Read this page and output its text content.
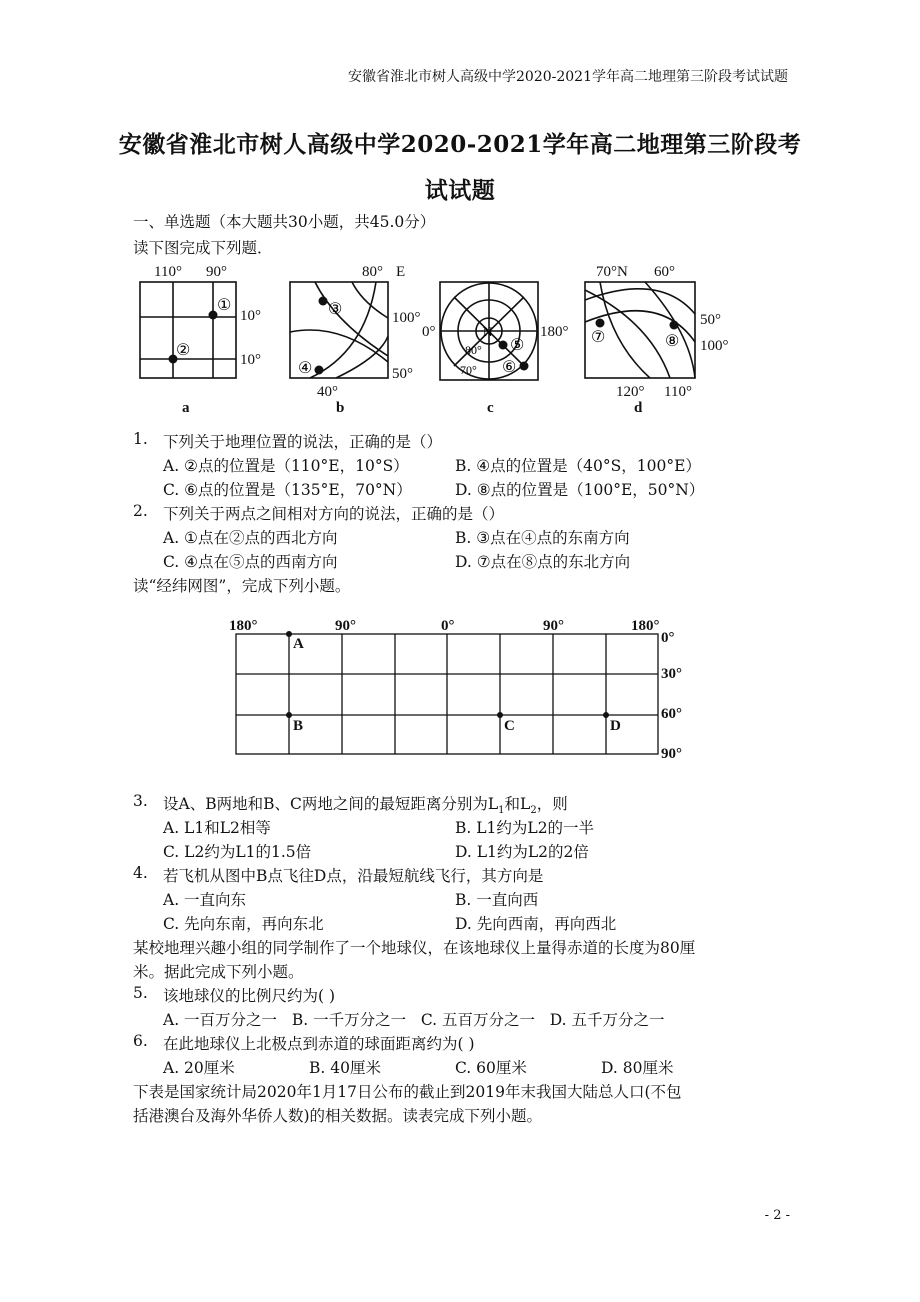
安徽省淮北市树人高级中学2020-2021学年高二地理第三阶段考试试题
安徽省淮北市树人高级中学2020-2021学年高二地理第三阶段考
试试题
一、单选题（本大题共30小题，共45.0分）
读下图完成下列题．
110° 90°
10°
10°
a
①
②
80° E
100°
50°
40°
b
③
④
0°	180°
c
N
80°
70°
⑤
⑥
70°N 60°
50°
100°
120° 110°
d
⑦	⑧
1. 下列关于地理位置的说法，正确的是（）
A. ②点的位置是（110°E，10°S）	B. ④点的位置是（40°S，100°E）
C. ⑥点的位置是（135°E，70°N）	D. ⑧点的位置是（100°E，50°N）
2. 下列关于两点之间相对方向的说法，正确的是（）
A. ①点在②点的西北方向	B. ③点在④点的东南方向
C. ④点在⑤点的西南方向	D. ⑦点在⑧点的东北方向
读“经纬网图”，完成下列小题。
180°	90°	0°	90°	180°
0°
30°
60°
90°
A
B	C	D
3. 设A、B两地和B、C两地之间的最短距离分别为$L_1$和$L_2$，则
A. L1和L2相等	B. L1约为L2的一半
C. L2约为L1的1.5倍	D. L1约为L2的2倍
4. 若飞机从图中B点飞往D点，沿最短航线飞行，其方向是
A. 一直向东	B. 一直向西
C. 先向东南，再向东北	D. 先向西南，再向西北
某校地理兴趣小组的同学制作了一个地球仪，在该地球仪上量得赤道的长度为80厘
米。据此完成下列小题。
5. 该地球仪的比例尺约为( )
A. 一百万分之一   B. 一千万分之一   C. 五百万分之一   D. 五千万分之一
6. 在此地球仪上北极点到赤道的球面距离约为( )
A. 20厘米	B. 40厘米	C. 60厘米	D. 80厘米
下表是国家统计局2020年1月17日公布的截止到2019年末我国大陆总人口(不包
括港澳台及海外华侨人数)的相关数据。读表完成下列小题。
- 2 -
